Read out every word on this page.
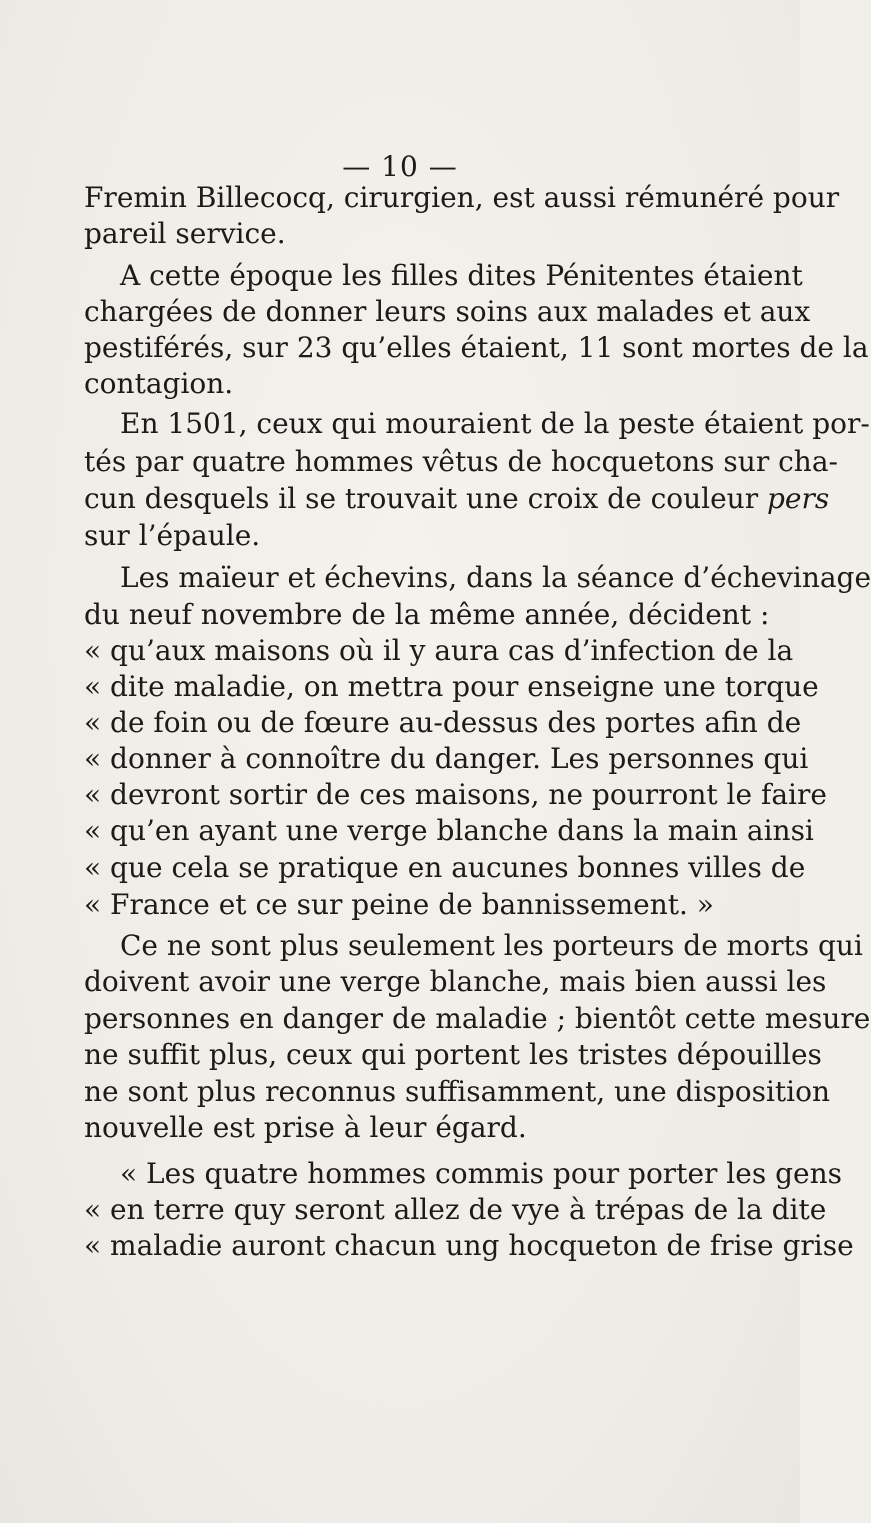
— 10 —
Fremin Billecocq, cirurgien, est aussi rémunéré pour
pareil service.
A cette époque les filles dites Pénitentes étaient
chargées de donner leurs soins aux malades et aux
pestiférés, sur 23 qu’elles étaient, 11 sont mortes de la
contagion.
En 1501, ceux qui mouraient de la peste étaient por-
tés par quatre hommes vêtus de hocquetons sur cha-
cun desquels il se trouvait une croix de couleur pers
sur l’épaule.
Les maïeur et échevins, dans la séance d’échevinage
du neuf novembre de la même année, décident :
« qu’aux maisons où il y aura cas d’infection de la
« dite maladie, on mettra pour enseigne une torque
« de foin ou de fœure au-dessus des portes afin de
« donner à connoître du danger. Les personnes qui
« devront sortir de ces maisons, ne pourront le faire
« qu’en ayant une verge blanche dans la main ainsi
« que cela se pratique en aucunes bonnes villes de
« France et ce sur peine de bannissement. »
Ce ne sont plus seulement les porteurs de morts qui
doivent avoir une verge blanche, mais bien aussi les
personnes en danger de maladie ; bientôt cette mesure
ne suffit plus, ceux qui portent les tristes dépouilles
ne sont plus reconnus suffisamment, une disposition
nouvelle est prise à leur égard.
« Les quatre hommes commis pour porter les gens
« en terre quy seront allez de vye à trépas de la dite
« maladie auront chacun ung hocqueton de frise grise
